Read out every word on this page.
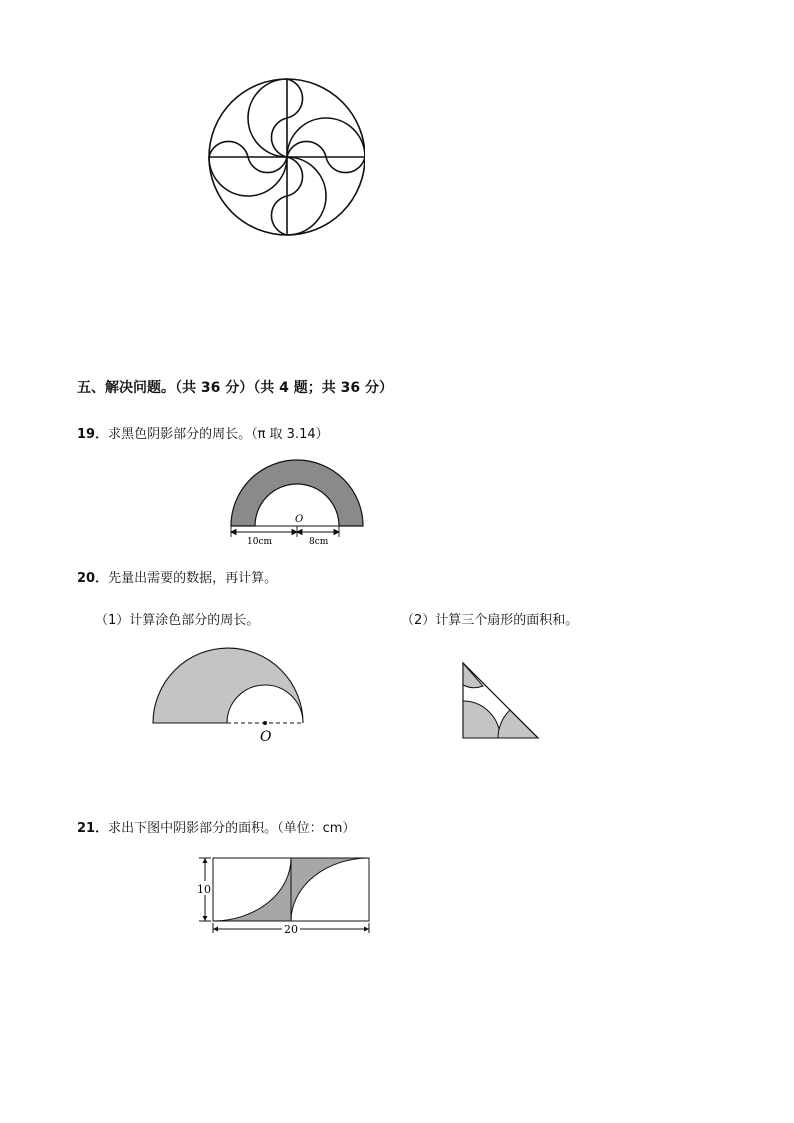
五、解决问题。（共 36 分）（共 4 题；共 36 分）
19．求黑色阴影部分的周长。（π 取 3.14）
O
10cm	8cm
20．先量出需要的数据，再计算。
（1）计算涂色部分的周长。	（2）计算三个扇形的面积和。
O
21．求出下图中阴影部分的面积。（单位：cm）
10
20
